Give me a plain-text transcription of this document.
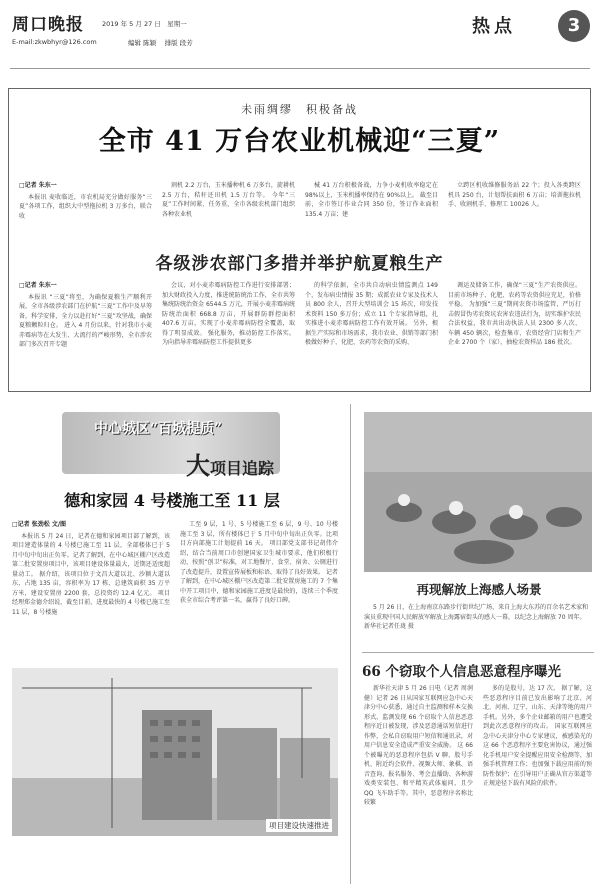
周口晚报	2019 年 5 月 27 日　星期一
E-mail:zkwbhyr@126.com	编辑 陈颖　 排版 段芳
热点	3
未雨绸缪　积极备战
全市 41 万台农业机械迎“三夏”
□记者 朱东一

本报讯 麦收临近，市农机局充分做好服务“三夏”各项工作，组织大中型拖拉机 3 万多台，联合收

割机 2.2 万台，玉米播种机 6 万多台，旋耕机 2.5 万台，秸秆还田机 1.5 万台等。 今年“三夏”工作时间紧、任务重，全市各级农机部门组织各种农业机

械 41 万台积极备战，力争小麦机收率稳定在 98%以上，玉米机播率保持在 90%以上。 截至目前，全市签订作业合同 350 份，签订作业面积 135.4 万亩；建

立跨区机收维修服务站 22 个；投入各类跨区机具 250 台，计划帮扶面积 6 万亩；培训拖拉机手、收割机手、修理工 10026 人。

各级涉农部门多措并举护航夏粮生产
□记者 朱东一

本报讯 “三夏”将至，为确保夏粮生产顺利开展，全市各级涉农部门在护航“三夏”工作中及早筹备，科学安排，全力以赴打好“三夏”攻坚战，确保夏粮颗粒归仓。 进入 4 月份以来，针对我市小麦赤霉病等在大发生、大流行的严峻形势，全市涉农部门多次召开专题

会议，对小麦赤霉病防控工作进行安排部署；加大财政投入力度，推进统防统治工作，全市共筹集统防统治资金 6544.5 万元，开展小麦赤霉病统防统治面积 668.8 万亩，开展群防群控面积 407.6 万亩，实现了小麦赤霉病防控全覆盖，取得了明显成效。 强化服务，推动防控工作落实。为向指导赤霉病防控工作提供更多

的科学依据，全市共自动病虫情监测点 149 个，发布病虫情报 35 期；成派农业专家及技术人员 800 余人，召开大型培训会 15 场次，印发技术资料 150 多万份；成立 11 个专家指导组，扎实推进小麦赤霉病防控工作有效开展。 另外，根据生产实际和市场需求，我市农业、供销等部门积极做好种子、化肥、农药等农资的采购、

调运及储备工作，确保“三夏”生产农资供应。目前市场种子、化肥、农药等农资供应充足，价格平稳。 为加强“三夏”期间农资市场监管，严厉打击假冒伪劣农资坑农害农违法行为，切实维护农民合法权益，我市共出动执法人员 2300 多人次、车辆 450 辆次，检查集市、农资经营门店和生产企业 2700 个（家），抽检农资样品 186 批次。

中心城区“百城提质”
大项目追踪
德和家园 4 号楼施工至 11 层
□记者 张劲松 文/图

本报讯 5 月 24 日，记者在德和家园项目部了解到，该项目建造体量的 4 号楼已施工至 11 层，全部楼体已于 5 月中旬中旬出正负零。记者了解到，在中心城区棚户区改造第二批安置房项目中，该项目建设体量最大，近期还适度超量动工。 据介绍，该项目位于文昌大道以北、沙颍大道以东，占地 135 亩，容积率为 17 栋、总建筑面积 35 万平方米，建设安置房 2200 套，总投资约 12.4 亿元。 项目经理郑金德介绍说，截至目前，进度最快的 4 号楼已施工至 11 层，8 号楼施

工至 9 层，1 号、5 号楼施工至 6 层，9 号、10 号楼施工至 3 层，所有楼体已于 5 月中旬中旬出正负零。比项目方向部施工计划提前 16 天。 项目部党支部书记胡伟介绍，结合当前周口市创建国家卫生城市要求，他们积极行动，按照“创卫”标准，对工地餐厅、食堂、宿舍、公厕进行了改造提升，设置宣传展板和标语，取得了良好效果。 记者了解到，在中心城区棚户区改造第二批安置房施工的 7 个集中开工项目中，德和家园施工进度是最快的，连续三个季度获全市综合考评第一名，赢得了良好口碑。

项目建设快速推进
再现解放上海感人场景
5 月 26 日，在上海南京东路步行街世纪广场，来自上海大东苏的百余名艺术家和演员重现中国人民解放军解放上海露宿街头的感人一幕，以纪念上海解放 70 周年。　新华社记者任珑 摄
66 个窃取个人信息恶意程序曝光

新华社天津 5 月 26 日电（记者 周润健）记者 26 日从国家互联网应急中心天津分中心获悉，通过自主监测和样本交换形式，监测发现 66 个窃取个人信息恶意程序近日被发现，涉及恶意通话短信进行作弊，会私自窃取用户短信和通讯录，对用户信息安全造成严重安全威胁。 这 66 个被曝光的恶意程序包括 V 聊、股号手机、附近约会软件、视频大师、象棋、语音查询、报名服务、考会直播助、各种游戏类安装包、和平精英武体雇问，且少 QQ 飞车助手等。其中，恶意程序名称比较繁

多的是股号，达 17 次。 据了解，这些恶意程序目前已发出影响了北京、河北、河南、辽宁、山东、天津等地的用户手机。另外，多个企业邮箱的用户也遭受到此次恶意程序的攻击。 国家互联网应急中心天津分中心专家建议，被感染光的这 66 个恶意程序主要危害协议，通过强化手机用户安全提醒应用安全检测等，加强手机管理工作；也加强下载应用前的预防性保护；在引导用户正确从官方渠道等正规途径下载有风险的软件。
